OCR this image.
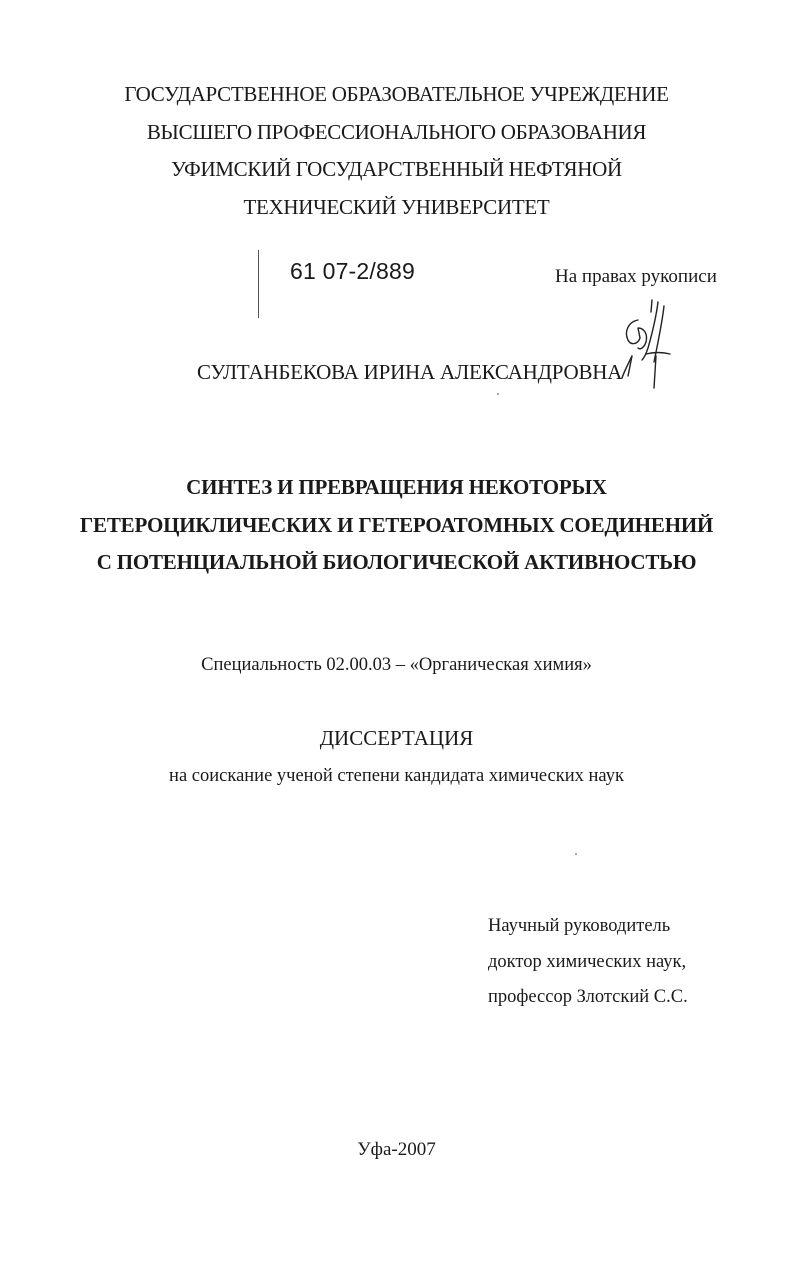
ГОСУДАРСТВЕННОЕ ОБРАЗОВАТЕЛЬНОЕ УЧРЕЖДЕНИЕ
ВЫСШЕГО ПРОФЕССИОНАЛЬНОГО ОБРАЗОВАНИЯ
УФИМСКИЙ ГОСУДАРСТВЕННЫЙ НЕФТЯНОЙ
ТЕХНИЧЕСКИЙ УНИВЕРСИТЕТ
61 07-2/889	На правах рукописи
СУЛТАНБЕКОВА ИРИНА АЛЕКСАНДРОВНА
СИНТЕЗ И ПРЕВРАЩЕНИЯ НЕКОТОРЫХ
ГЕТЕРОЦИКЛИЧЕСКИХ И ГЕТЕРОАТОМНЫХ СОЕДИНЕНИЙ
С ПОТЕНЦИАЛЬНОЙ БИОЛОГИЧЕСКОЙ АКТИВНОСТЬЮ
Специальность 02.00.03 – «Органическая химия»
ДИССЕРТАЦИЯ
на соискание ученой степени кандидата химических наук
Научный руководитель
доктор химических наук,
профессор Злотский С.С.
Уфа-2007
